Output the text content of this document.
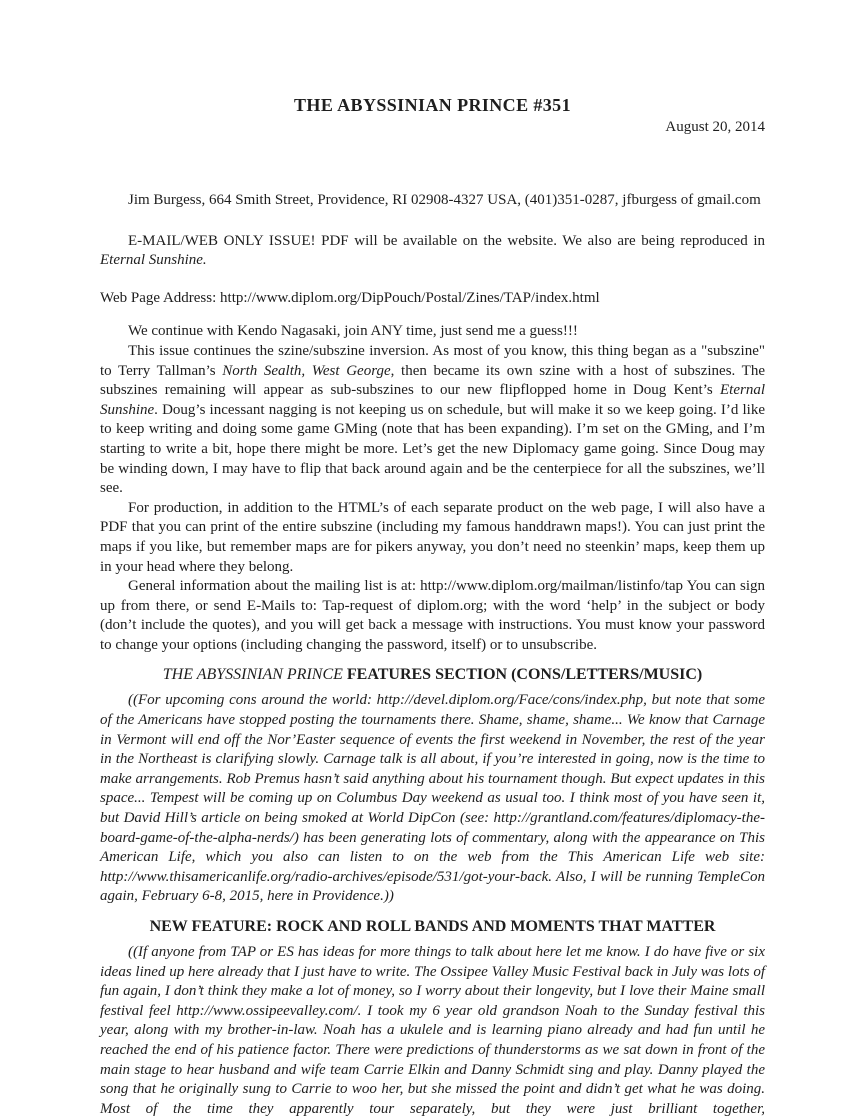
THE ABYSSINIAN PRINCE #351
August 20, 2014

Jim Burgess, 664 Smith Street, Providence, RI 02908-4327 USA, (401)351-0287, jfburgess of gmail.com

E-MAIL/WEB ONLY ISSUE! PDF will be available on the website. We also are being reproduced in Eternal Sunshine.

Web Page Address: http://www.diplom.org/DipPouch/Postal/Zines/TAP/index.html

We continue with Kendo Nagasaki, join ANY time, just send me a guess!!!

This issue continues the szine/subszine inversion. As most of you know, this thing began as a "subszine" to Terry Tallman’s North Sealth, West George, then became its own szine with a host of subszines. The subszines remaining will appear as sub-subszines to our new flipflopped home in Doug Kent’s Eternal Sunshine. Doug’s incessant nagging is not keeping us on schedule, but will make it so we keep going. I’d like to keep writing and doing some game GMing (note that has been expanding). I’m set on the GMing, and I’m starting to write a bit, hope there might be more. Let’s get the new Diplomacy game going. Since Doug may be winding down, I may have to flip that back around again and be the centerpiece for all the subszines, we’ll see.

For production, in addition to the HTML’s of each separate product on the web page, I will also have a PDF that you can print of the entire subszine (including my famous handdrawn maps!). You can just print the maps if you like, but remember maps are for pikers anyway, you don’t need no steenkin’ maps, keep them up in your head where they belong.

General information about the mailing list is at: http://www.diplom.org/mailman/listinfo/tap You can sign up from there, or send E-Mails to: Tap-request of diplom.org; with the word ‘help’ in the subject or body (don’t include the quotes), and you will get back a message with instructions. You must know your password to change your options (including changing the password, itself) or to unsubscribe.

THE ABYSSINIAN PRINCE FEATURES SECTION (CONS/LETTERS/MUSIC)

((For upcoming cons around the world: http://devel.diplom.org/Face/cons/index.php, but note that some of the Americans have stopped posting the tournaments there. Shame, shame, shame... We know that Carnage in Vermont will end off the Nor’Easter sequence of events the first weekend in November, the rest of the year in the Northeast is clarifying slowly. Carnage talk is all about, if you’re interested in going, now is the time to make arrangements. Rob Premus hasn’t said anything about his tournament though. But expect updates in this space... Tempest will be coming up on Columbus Day weekend as usual too. I think most of you have seen it, but David Hill’s article on being smoked at World DipCon (see: http://grantland.com/features/diplomacy-the-board-game-of-the-alpha-nerds/) has been generating lots of commentary, along with the appearance on This American Life, which you also can listen to on the web from the This American Life web site: http://www.thisamericanlife.org/radio-archives/episode/531/got-your-back. Also, I will be running TempleCon again, February 6-8, 2015, here in Providence.))

NEW FEATURE: ROCK AND ROLL BANDS AND MOMENTS THAT MATTER

((If anyone from TAP or ES has ideas for more things to talk about here let me know. I do have five or six ideas lined up here already that I just have to write. The Ossipee Valley Music Festival back in July was lots of fun again, I don’t think they make a lot of money, so I worry about their longevity, but I love their Maine small festival feel http://www.ossipeevalley.com/. I took my 6 year old grandson Noah to the Sunday festival this year, along with my brother-in-law. Noah has a ukulele and is learning piano already and had fun until he reached the end of his patience factor. There were predictions of thunderstorms as we sat down in front of the main stage to hear husband and wife team Carrie Elkin and Danny Schmidt sing and play. Danny played the song that he originally sung to Carrie to woo her, but she missed the point and didn’t get what he was doing. Most of the time they apparently tour separately, but they were just brilliant together,
